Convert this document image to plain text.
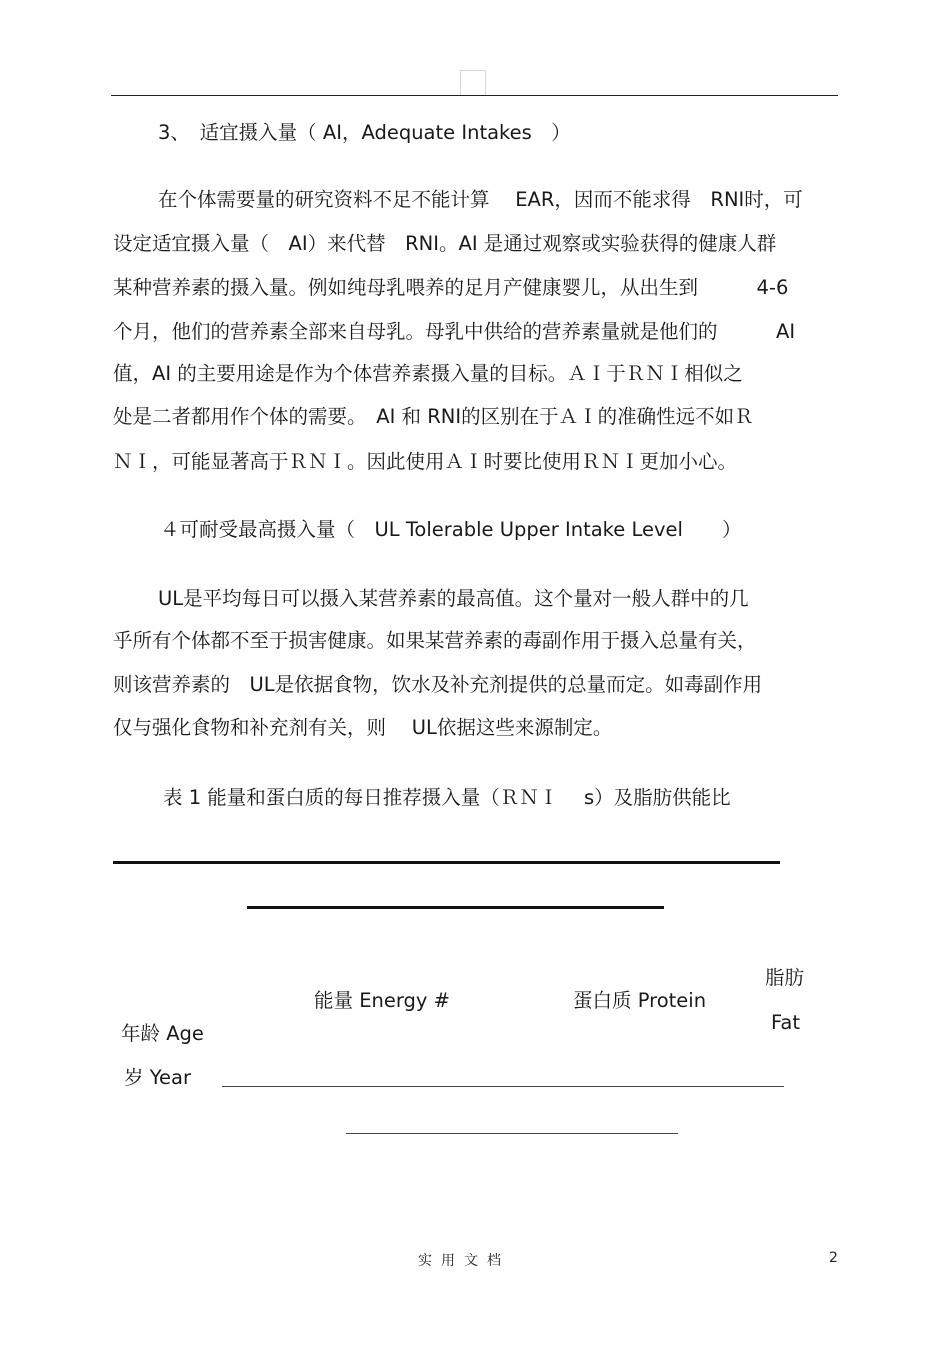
3、　适宜摄入量（ AI，Adequate Intakes　）
在个体需要量的研究资料不足不能计算　 EAR，因而不能求得　RNI时，可
设定适宜摄入量（　AI）来代替　RNI。AI 是通过观察或实验获得的健康人群
某种营养素的摄入量。例如纯母乳喂养的足月产健康婴儿，从出生到　　　4-6
个月，他们的营养素全部来自母乳。母乳中供给的营养素量就是他们的　　　AI
值，AI 的主要用途是作为个体营养素摄入量的目标。ＡＩ于ＲＮＩ相似之
处是二者都用作个体的需要。　AI 和 RNI的区别在于ＡＩ的准确性远不如Ｒ
ＮＩ，可能显著高于ＲＮＩ。因此使用ＡＩ时要比使用ＲＮＩ更加小心。
４可耐受最高摄入量（　UL Tolerable Upper Intake Level　　）
UL是平均每日可以摄入某营养素的最高值。这个量对一般人群中的几
乎所有个体都不至于损害健康。如果某营养素的毒副作用于摄入总量有关，
则该营养素的　UL是依据食物，饮水及补充剂提供的总量而定。如毒副作用
仅与强化食物和补充剂有关，则　 UL依据这些来源制定。
表 1 能量和蛋白质的每日推荐摄入量（ＲＮＩ　 s）及脂肪供能比
脂肪
能量 Energy #	蛋白质 Protein
Fat
年龄 Age
岁 Year
实用文档	2
